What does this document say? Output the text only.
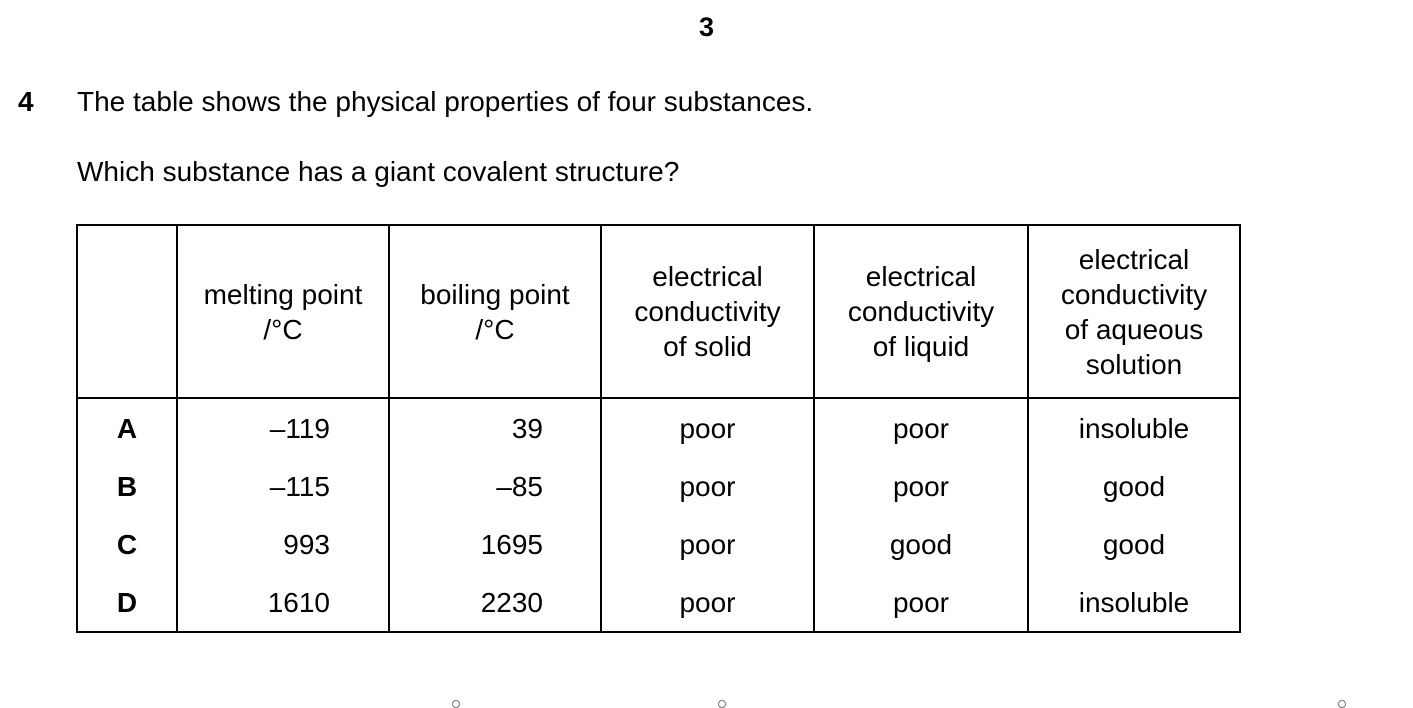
3
4 The table shows the physical properties of four substances.
Which substance has a giant covalent structure?

	melting point
/°C	boiling point
/°C	electrical
conductivity
of solid	electrical
conductivity
of liquid	electrical
conductivity
of aqueous
solution

A	–119	39	poor	poor	insoluble
B	–115	–85	poor	poor	good
C	993	1695	poor	good	good
D	1610	2230	poor	poor	insoluble
